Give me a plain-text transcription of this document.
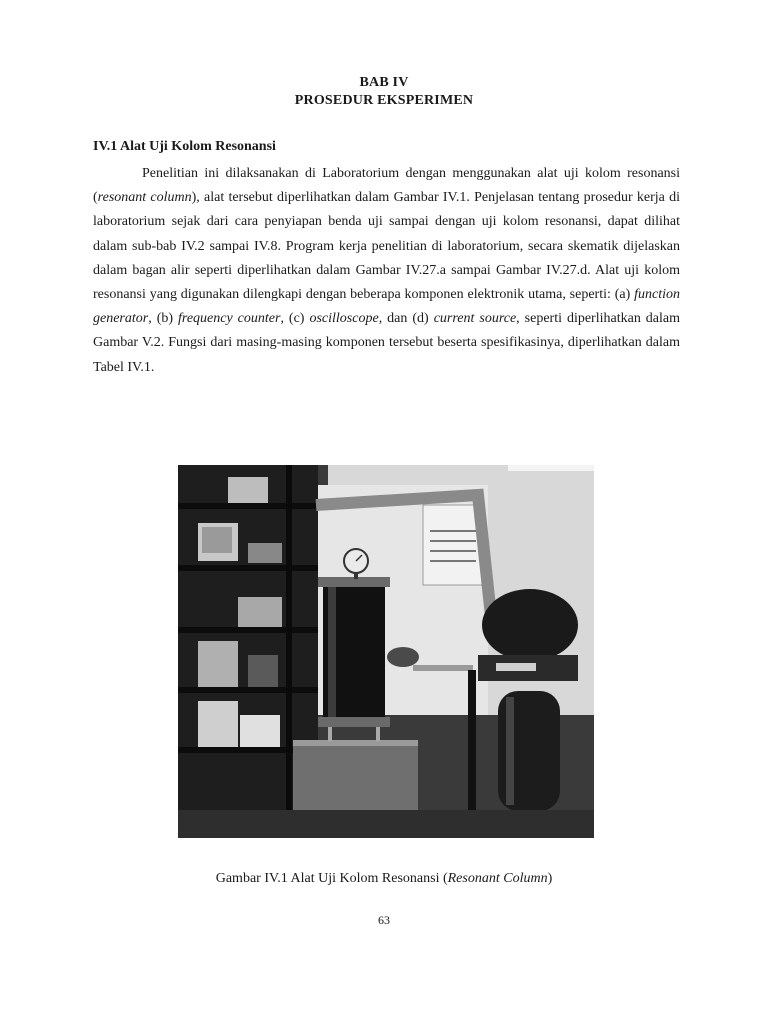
BAB IV
PROSEDUR EKSPERIMEN
IV.1 Alat Uji Kolom Resonansi
Penelitian ini dilaksanakan di Laboratorium dengan menggunakan alat uji kolom resonansi (resonant column), alat tersebut diperlihatkan dalam Gambar IV.1. Penjelasan tentang prosedur kerja di laboratorium sejak dari cara penyiapan benda uji sampai dengan uji kolom resonansi, dapat dilihat dalam sub-bab IV.2 sampai IV.8. Program kerja penelitian di laboratorium, secara skematik dijelaskan dalam bagan alir seperti diperlihatkan dalam Gambar IV.27.a sampai Gambar IV.27.d. Alat uji kolom resonansi yang digunakan dilengkapi dengan beberapa komponen elektronik utama, seperti: (a) function generator, (b) frequency counter, (c) oscilloscope, dan (d) current source, seperti diperlihatkan dalam Gambar V.2. Fungsi dari masing-masing komponen tersebut beserta spesifikasinya, diperlihatkan dalam Tabel IV.1.
Gambar IV.1 Alat Uji Kolom Resonansi (Resonant Column)
63
